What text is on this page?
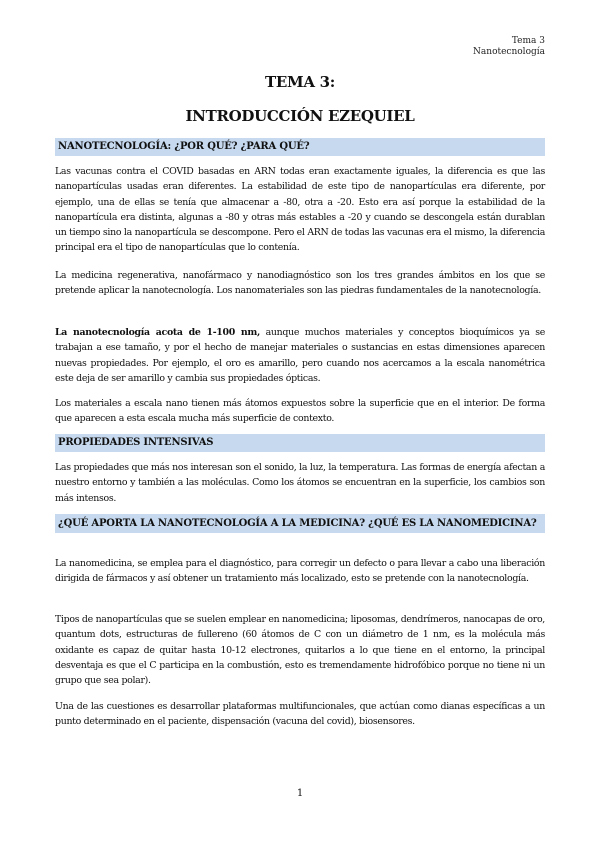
Tema 3
Nanotecnología
TEMA 3:
INTRODUCCIÓN EZEQUIEL
NANOTECNOLOGÍA: ¿POR QUÉ? ¿PARA QUÉ?
Las vacunas contra el COVID basadas en ARN todas eran exactamente iguales, la diferencia es que las nanopartículas usadas eran diferentes. La estabilidad de este tipo de nanopartículas era diferente, por ejemplo, una de ellas se tenía que almacenar a -80, otra a -20. Esto era así porque la estabilidad de la nanopartícula era distinta, algunas a -80 y otras más estables a -20 y cuando se descongela están durablan un tiempo sino la nanopartícula se descompone. Pero el ARN de todas las vacunas era el mismo, la diferencia principal era el tipo de nanopartículas que lo contenía.
La medicina regenerativa, nanofármaco y nanodiagnóstico son los tres grandes ámbitos en los que se pretende aplicar la nanotecnología. Los nanomateriales son las piedras fundamentales de la nanotecnología.
La nanotecnología acota de 1-100 nm, aunque muchos materiales y conceptos bioquímicos ya se trabajan a ese tamaño, y por el hecho de manejar materiales o sustancias en estas dimensiones aparecen nuevas propiedades. Por ejemplo, el oro es amarillo, pero cuando nos acercamos a la escala nanométrica este deja de ser amarillo y cambia sus propiedades ópticas.
Los materiales a escala nano tienen más átomos expuestos sobre la superficie que en el interior. De forma que aparecen a esta escala mucha más superficie de contexto.
PROPIEDADES INTENSIVAS
Las propiedades que más nos interesan son el sonido, la luz, la temperatura. Las formas de energía afectan a nuestro entorno y también a las moléculas. Como los átomos se encuentran en la superficie, los cambios son más intensos.
¿QUÉ APORTA LA NANOTECNOLOGÍA A LA MEDICINA? ¿QUÉ ES LA NANOMEDICINA?
La nanomedicina, se emplea para el diagnóstico, para corregir un defecto o para llevar a cabo una liberación dirigida de fármacos y así obtener un tratamiento más localizado, esto se pretende con la nanotecnología.
Tipos de nanopartículas que se suelen emplear en nanomedicina; liposomas, dendrímeros, nanocapas de oro, quantum dots, estructuras de fullereno (60 átomos de C con un diámetro de 1 nm, es la molécula más oxidante es capaz de quitar hasta 10-12 electrones, quitarlos a lo que tiene en el entorno, la principal desventaja es que el C participa en la combustión, esto es tremendamente hidrofóbico porque no tiene ni un grupo que sea polar).
Una de las cuestiones es desarrollar plataformas multifuncionales, que actúan como dianas específicas a un punto determinado en el paciente, dispensación (vacuna del covid), biosensores.
1
